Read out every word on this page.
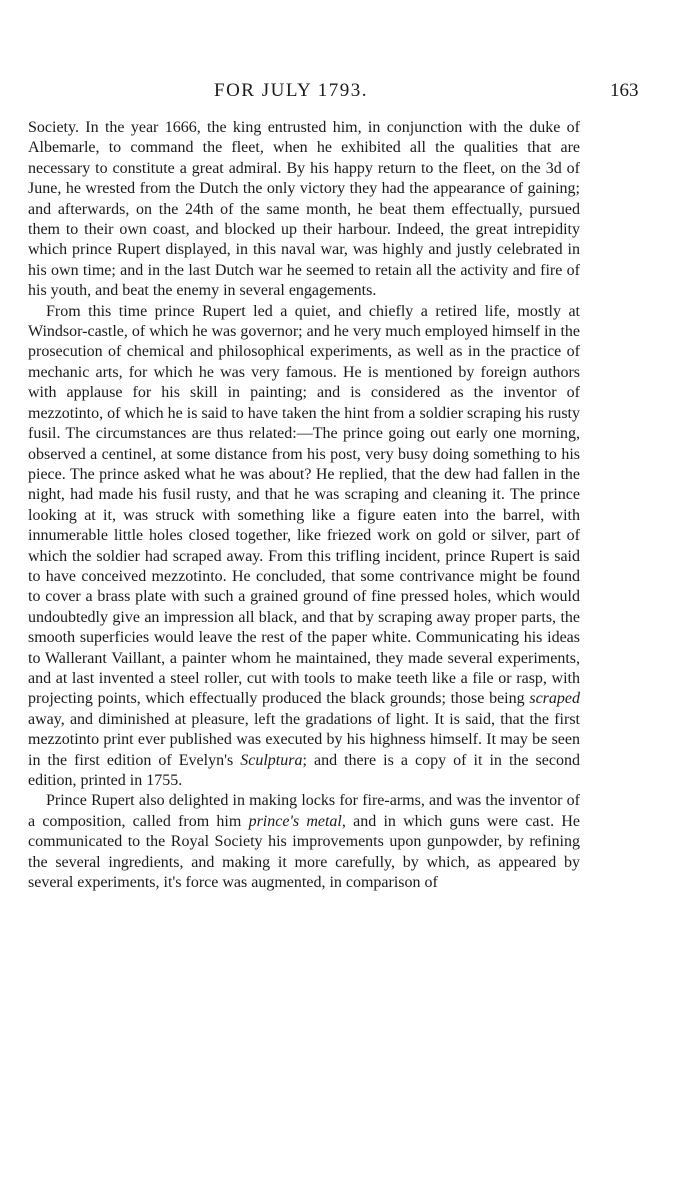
FOR JULY 1793.	163

Society. In the year 1666, the king entrusted him, in conjunction with the duke of Albemarle, to command the fleet, when he exhibited all the qualities that are necessary to constitute a great admiral. By his happy return to the fleet, on the 3d of June, he wrested from the Dutch the only victory they had the appearance of gaining; and afterwards, on the 24th of the same month, he beat them effectually, pursued them to their own coast, and blocked up their harbour. Indeed, the great intrepidity which prince Rupert displayed, in this naval war, was highly and justly celebrated in his own time; and in the last Dutch war he seemed to retain all the activity and fire of his youth, and beat the enemy in several engagements.

From this time prince Rupert led a quiet, and chiefly a retired life, mostly at Windsor-castle, of which he was governor; and he very much employed himself in the prosecution of chemical and philosophical experiments, as well as in the practice of mechanic arts, for which he was very famous. He is mentioned by foreign authors with applause for his skill in painting; and is considered as the inventor of mezzotinto, of which he is said to have taken the hint from a soldier scraping his rusty fusil. The circumstances are thus related:—The prince going out early one morning, observed a centinel, at some distance from his post, very busy doing something to his piece. The prince asked what he was about? He replied, that the dew had fallen in the night, had made his fusil rusty, and that he was scraping and cleaning it. The prince looking at it, was struck with something like a figure eaten into the barrel, with innumerable little holes closed together, like friezed work on gold or silver, part of which the soldier had scraped away. From this trifling incident, prince Rupert is said to have conceived mezzotinto. He concluded, that some contrivance might be found to cover a brass plate with such a grained ground of fine pressed holes, which would undoubtedly give an impression all black, and that by scraping away proper parts, the smooth superficies would leave the rest of the paper white. Communicating his ideas to Wallerant Vaillant, a painter whom he maintained, they made several experiments, and at last invented a steel roller, cut with tools to make teeth like a file or rasp, with projecting points, which effectually produced the black grounds; those being scraped away, and diminished at pleasure, left the gradations of light. It is said, that the first mezzotinto print ever published was executed by his highness himself. It may be seen in the first edition of Evelyn's Sculptura; and there is a copy of it in the second edition, printed in 1755.

Prince Rupert also delighted in making locks for fire-arms, and was the inventor of a composition, called from him prince's metal, and in which guns were cast. He communicated to the Royal Society his improvements upon gunpowder, by refining the several ingredients, and making it more carefully, by which, as appeared by several experiments, it's force was augmented, in comparison of
